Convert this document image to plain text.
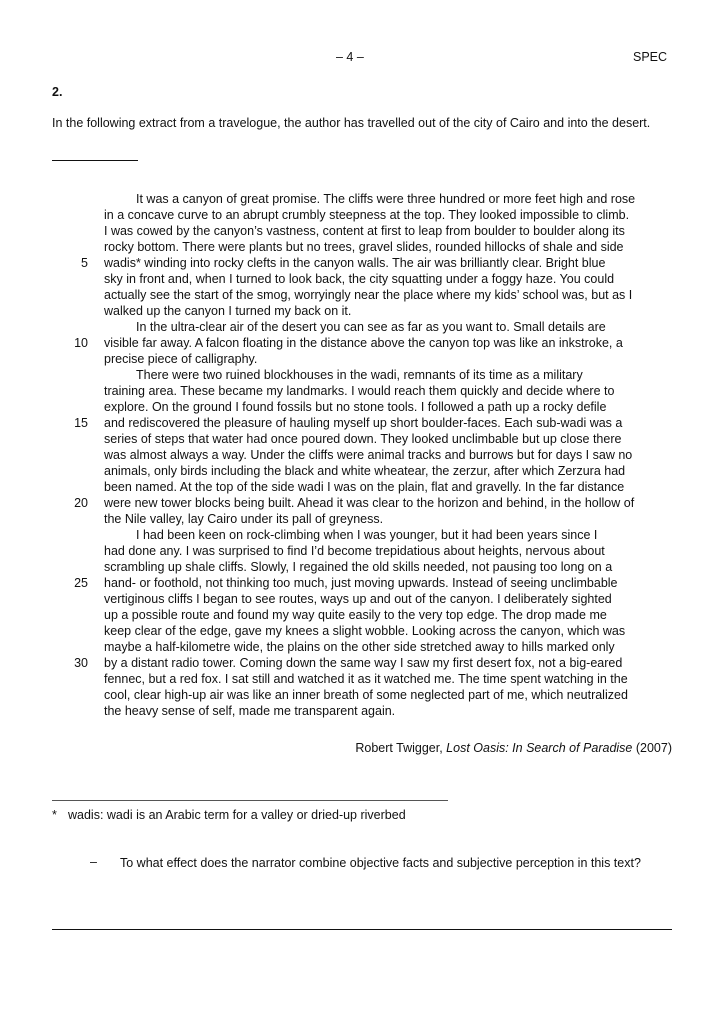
– 4 –	SPEC
2.
In the following extract from a travelogue, the author has travelled out of the city of Cairo and into the desert.
It was a canyon of great promise. The cliffs were three hundred or more feet high and rose
in a concave curve to an abrupt crumbly steepness at the top. They looked impossible to climb.
I was cowed by the canyon’s vastness, content at first to leap from boulder to boulder along its
rocky bottom. There were plants but no trees, gravel slides, rounded hillocks of shale and side
5 wadis* winding into rocky clefts in the canyon walls. The air was brilliantly clear. Bright blue
sky in front and, when I turned to look back, the city squatting under a foggy haze. You could
actually see the start of the smog, worryingly near the place where my kids’ school was, but as I
walked up the canyon I turned my back on it.
In the ultra-clear air of the desert you can see as far as you want to. Small details are
10 visible far away. A falcon floating in the distance above the canyon top was like an inkstroke, a
precise piece of calligraphy.
There were two ruined blockhouses in the wadi, remnants of its time as a military
training area. These became my landmarks. I would reach them quickly and decide where to
explore. On the ground I found fossils but no stone tools. I followed a path up a rocky defile
15 and rediscovered the pleasure of hauling myself up short boulder-faces. Each sub-wadi was a
series of steps that water had once poured down. They looked unclimbable but up close there
was almost always a way. Under the cliffs were animal tracks and burrows but for days I saw no
animals, only birds including the black and white wheatear, the zerzur, after which Zerzura had
been named. At the top of the side wadi I was on the plain, flat and gravelly. In the far distance
20 were new tower blocks being built. Ahead it was clear to the horizon and behind, in the hollow of
the Nile valley, lay Cairo under its pall of greyness.
I had been keen on rock-climbing when I was younger, but it had been years since I
had done any. I was surprised to find I’d become trepidatious about heights, nervous about
scrambling up shale cliffs. Slowly, I regained the old skills needed, not pausing too long on a
25 hand- or foothold, not thinking too much, just moving upwards. Instead of seeing unclimbable
vertiginous cliffs I began to see routes, ways up and out of the canyon. I deliberately sighted
up a possible route and found my way quite easily to the very top edge. The drop made me
keep clear of the edge, gave my knees a slight wobble. Looking across the canyon, which was
maybe a half-kilometre wide, the plains on the other side stretched away to hills marked only
30 by a distant radio tower. Coming down the same way I saw my first desert fox, not a big-eared
fennec, but a red fox. I sat still and watched it as it watched me. The time spent watching in the
cool, clear high-up air was like an inner breath of some neglected part of me, which neutralized
the heavy sense of self, made me transparent again.
Robert Twigger, Lost Oasis: In Search of Paradise (2007)
* wadis: wadi is an Arabic term for a valley or dried-up riverbed
– To what effect does the narrator combine objective facts and subjective perception in this text?
